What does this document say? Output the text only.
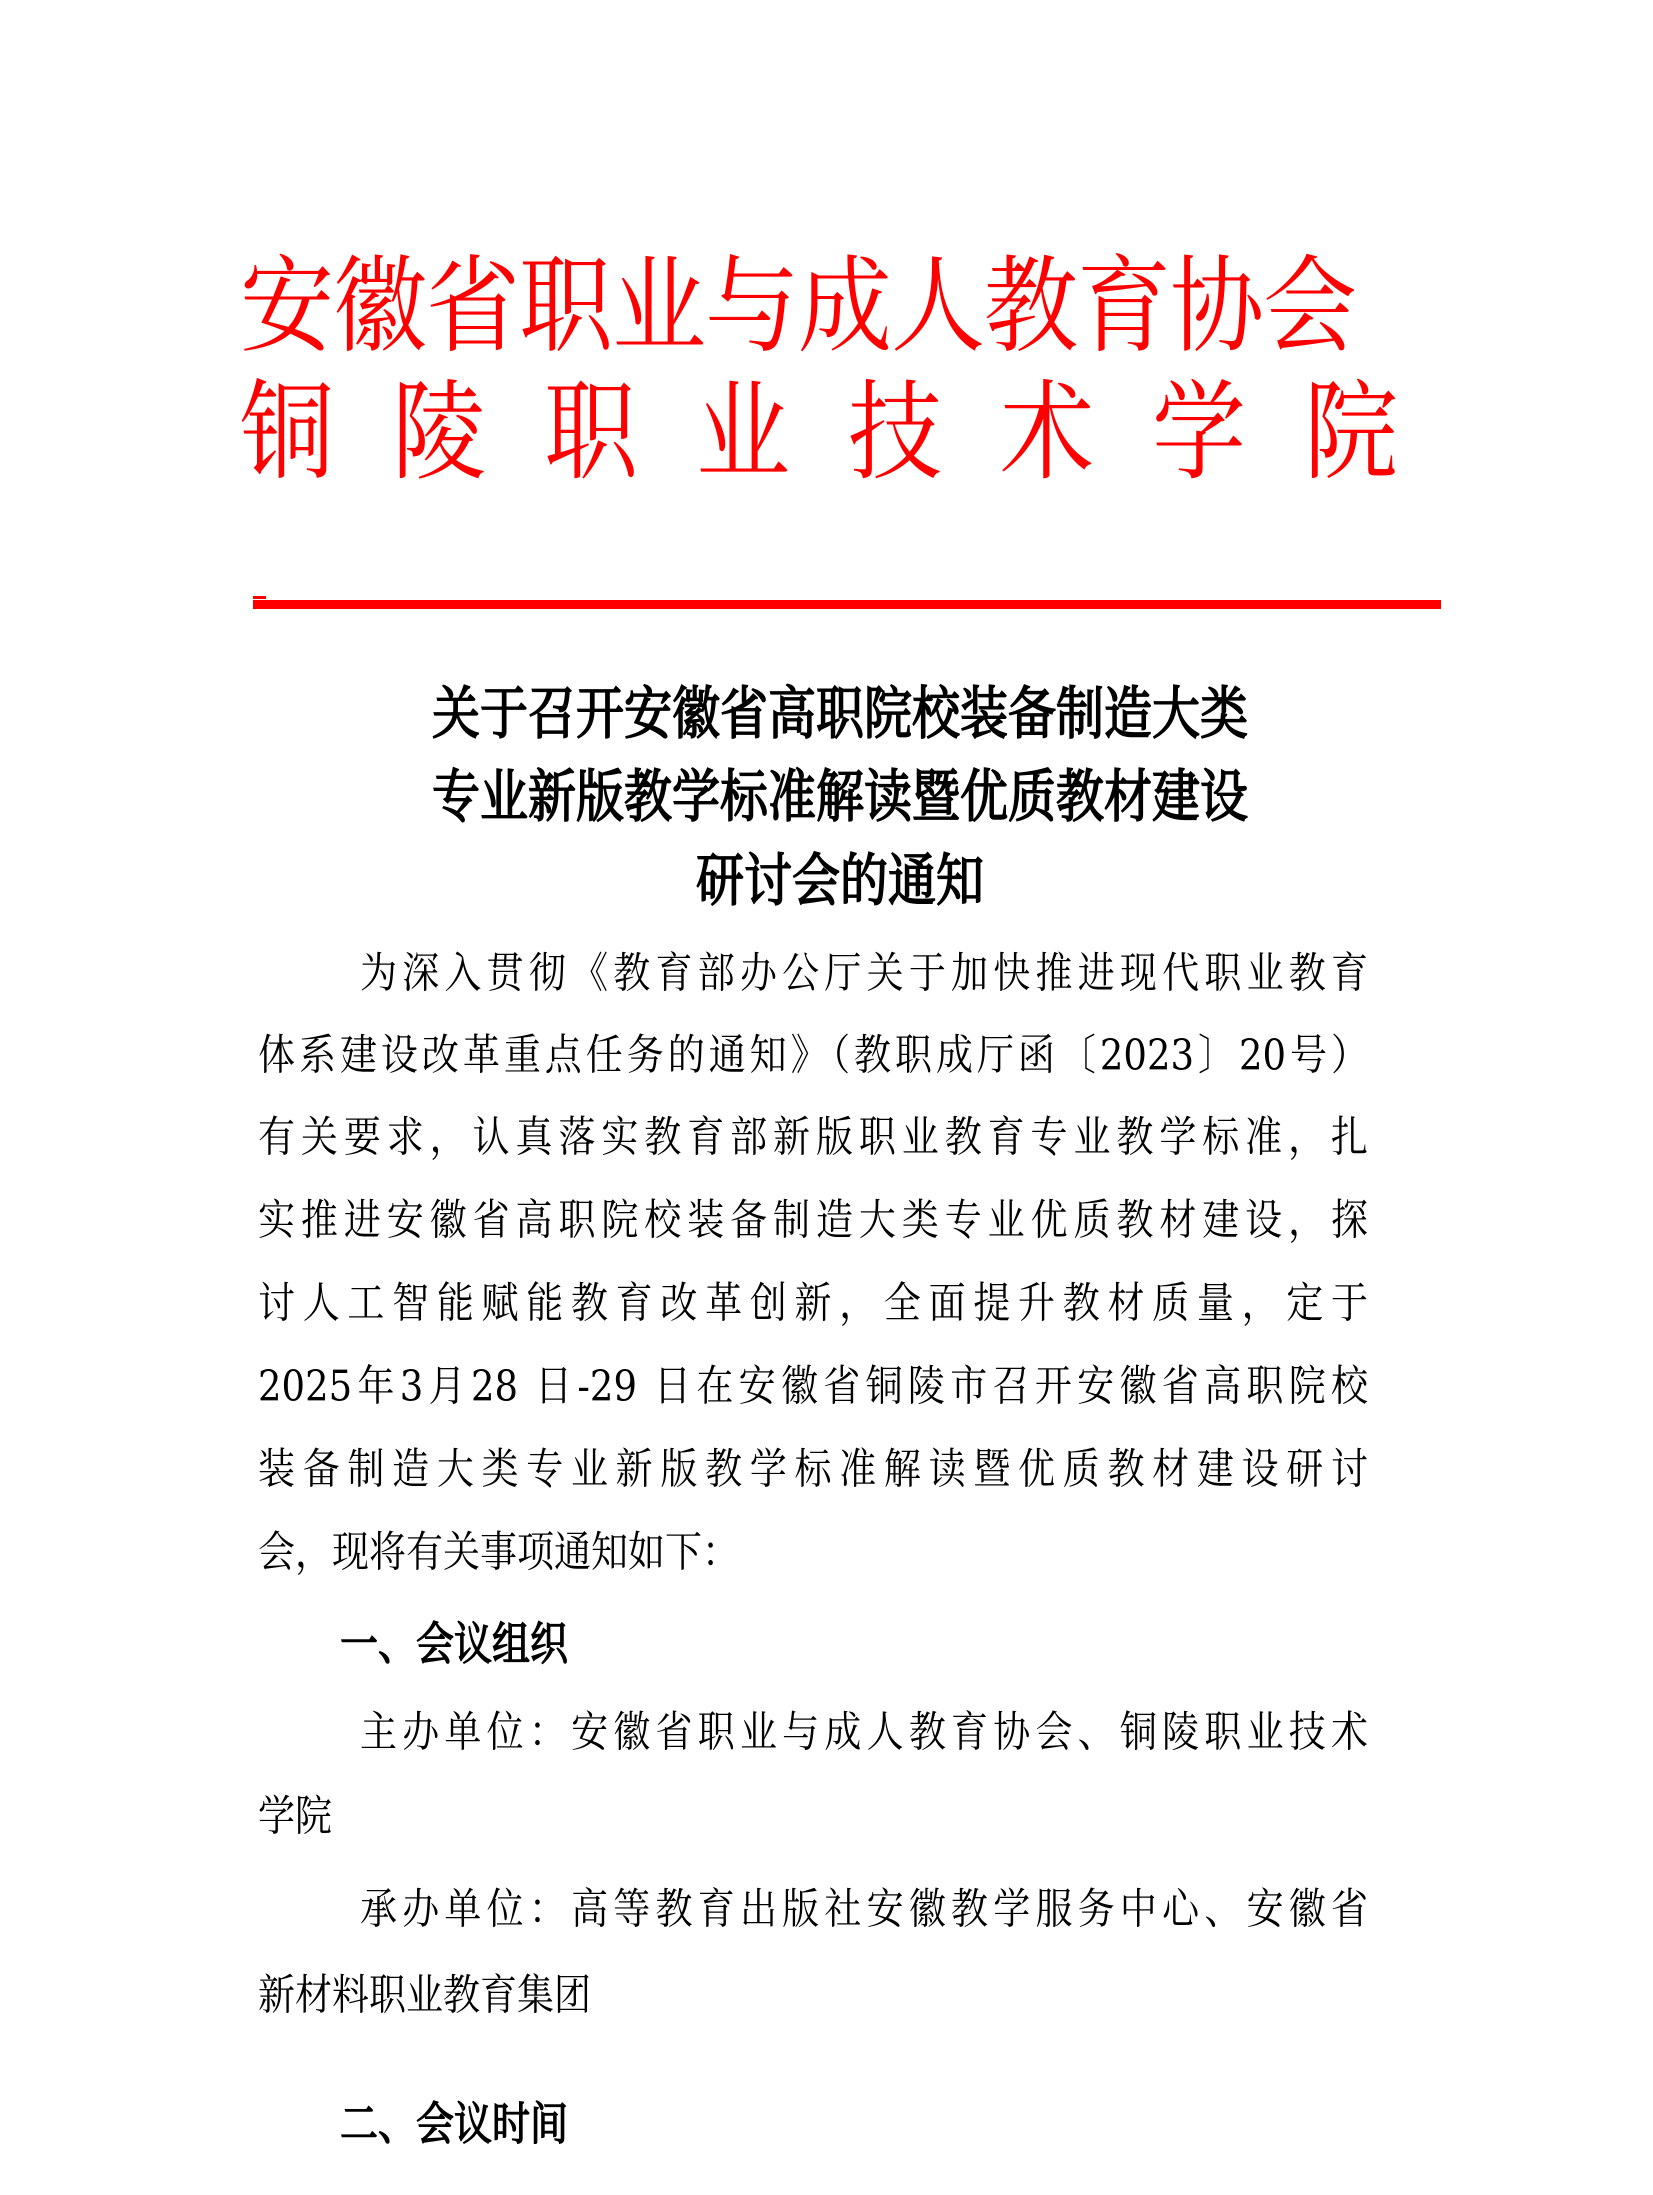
安徽省职业与成人教育协会
铜陵职业技术学院
关于召开安徽省高职院校装备制造大类
专业新版教学标准解读暨优质教材建设
研讨会的通知
为深入贯彻《教育部办公厅关于加快推进现代职业教育
体系建设改革重点任务的通知》（教职成厅函〔2023〕20号）
有关要求，认真落实教育部新版职业教育专业教学标准，扎
实推进安徽省高职院校装备制造大类专业优质教材建设，探
讨人工智能赋能教育改革创新，全面提升教材质量，定于
2025年3月28 日-29 日在安徽省铜陵市召开安徽省高职院校
装备制造大类专业新版教学标准解读暨优质教材建设研讨
会，现将有关事项通知如下：
一、会议组织
主办单位：安徽省职业与成人教育协会、铜陵职业技术
学院
承办单位：高等教育出版社安徽教学服务中心、安徽省
新材料职业教育集团
二、会议时间
